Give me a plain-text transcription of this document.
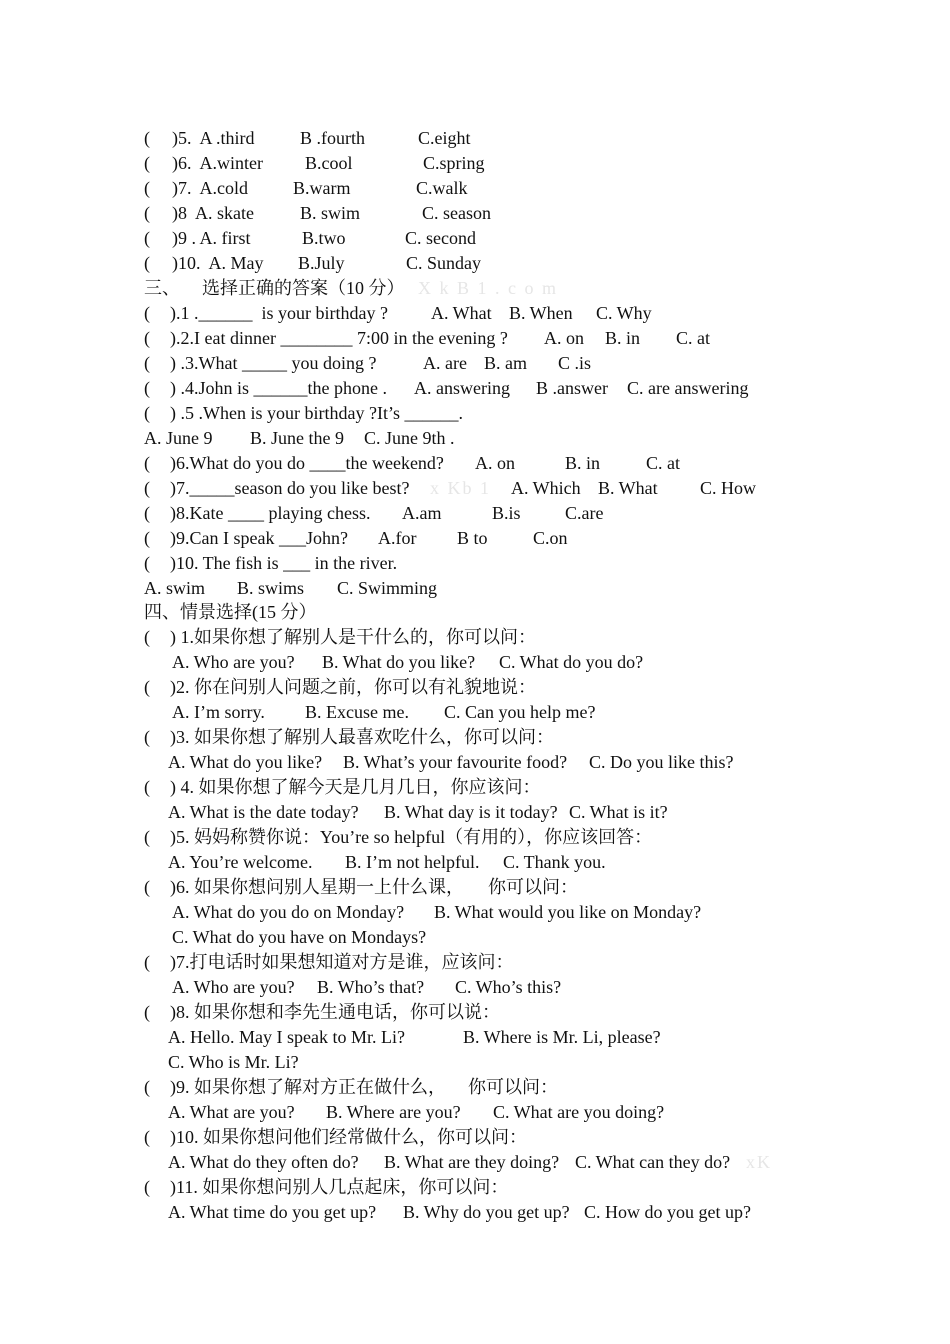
( )5.  A .third	B .fourth	C.eight
( )6.  A.winter B.cool	C.spring
( )7.  A.cold	B.warm	C.walk
( )8  A. skate	B. swim	C. season
( )9 . A. first	B.two	C. second
( )10.  A. May B.July	C. Sunday
三、 选择正确的答案（10 分） X k B 1 . c o m
( ).1 .______  is your birthday ? A. What B. When C. Why
( ).2.I eat dinner ________ 7:00 in the evening ? A. on B. in C. at
( ) .3.What _____ you doing ?	A. are B. am C .is
( ) .4.John is ______the phone . A. answering B .answer C. are answering
( ) .5 .When is your birthday ?It’s ______.
A. June 9 B. June the 9 C. June 9th .
( )6.What do you do ____the weekend? A. on	B. in	C. at
( )7._____season do you like best?	A. Which B. What C. How
x Kb 1
( )8.Kate ____ playing chess. A.am	B.is C.are
( )9.Can I speak ___John? A.for B to	C.on
( )10. The fish is ___ in the river.
A. swim B. swims C. Swimming
四、情景选择(15 分）
( ) 1.如果你想了解别人是干什么的，你可以问：
A. Who are you? B. What do you like? C. What do you do?
( )2. 你在问别人问题之前，你可以有礼貌地说：
A. I’m sorry. B. Excuse me. C. Can you help me?
( )3. 如果你想了解别人最喜欢吃什么，你可以问：
A. What do you like? B. What’s your favourite food? C. Do you like this?
( ) 4. 如果你想了解今天是几月几日，你应该问：
A. What is the date today? B. What day is it today? C. What is it?
( )5. 妈妈称赞你说：You’re so helpful（有用的），你应该回答：
A. You’re welcome. B. I’m not helpful. C. Thank you.
( )6. 如果你想问别人星期一上什么课， 你可以问：
A. What do you do on Monday? B. What would you like on Monday?
C. What do you have on Mondays?
( )7.打电话时如果想知道对方是谁，应该问：
A. Who are you? B. Who’s that? C. Who’s this?
( )8. 如果你想和李先生通电话，你可以说：
A. Hello. May I speak to Mr. Li?	B. Where is Mr. Li, please?
C. Who is Mr. Li?
( )9. 如果你想了解对方正在做什么， 你可以问：
A. What are you? B. Where are you? C. What are you doing?
( )10. 如果你想问他们经常做什么，你可以问：
A. What do they often do? B. What are they doing? C. What can they do? xK
( )11. 如果你想问别人几点起床，你可以问：
A. What time do you get up? B. Why do you get up? C. How do you get up?
